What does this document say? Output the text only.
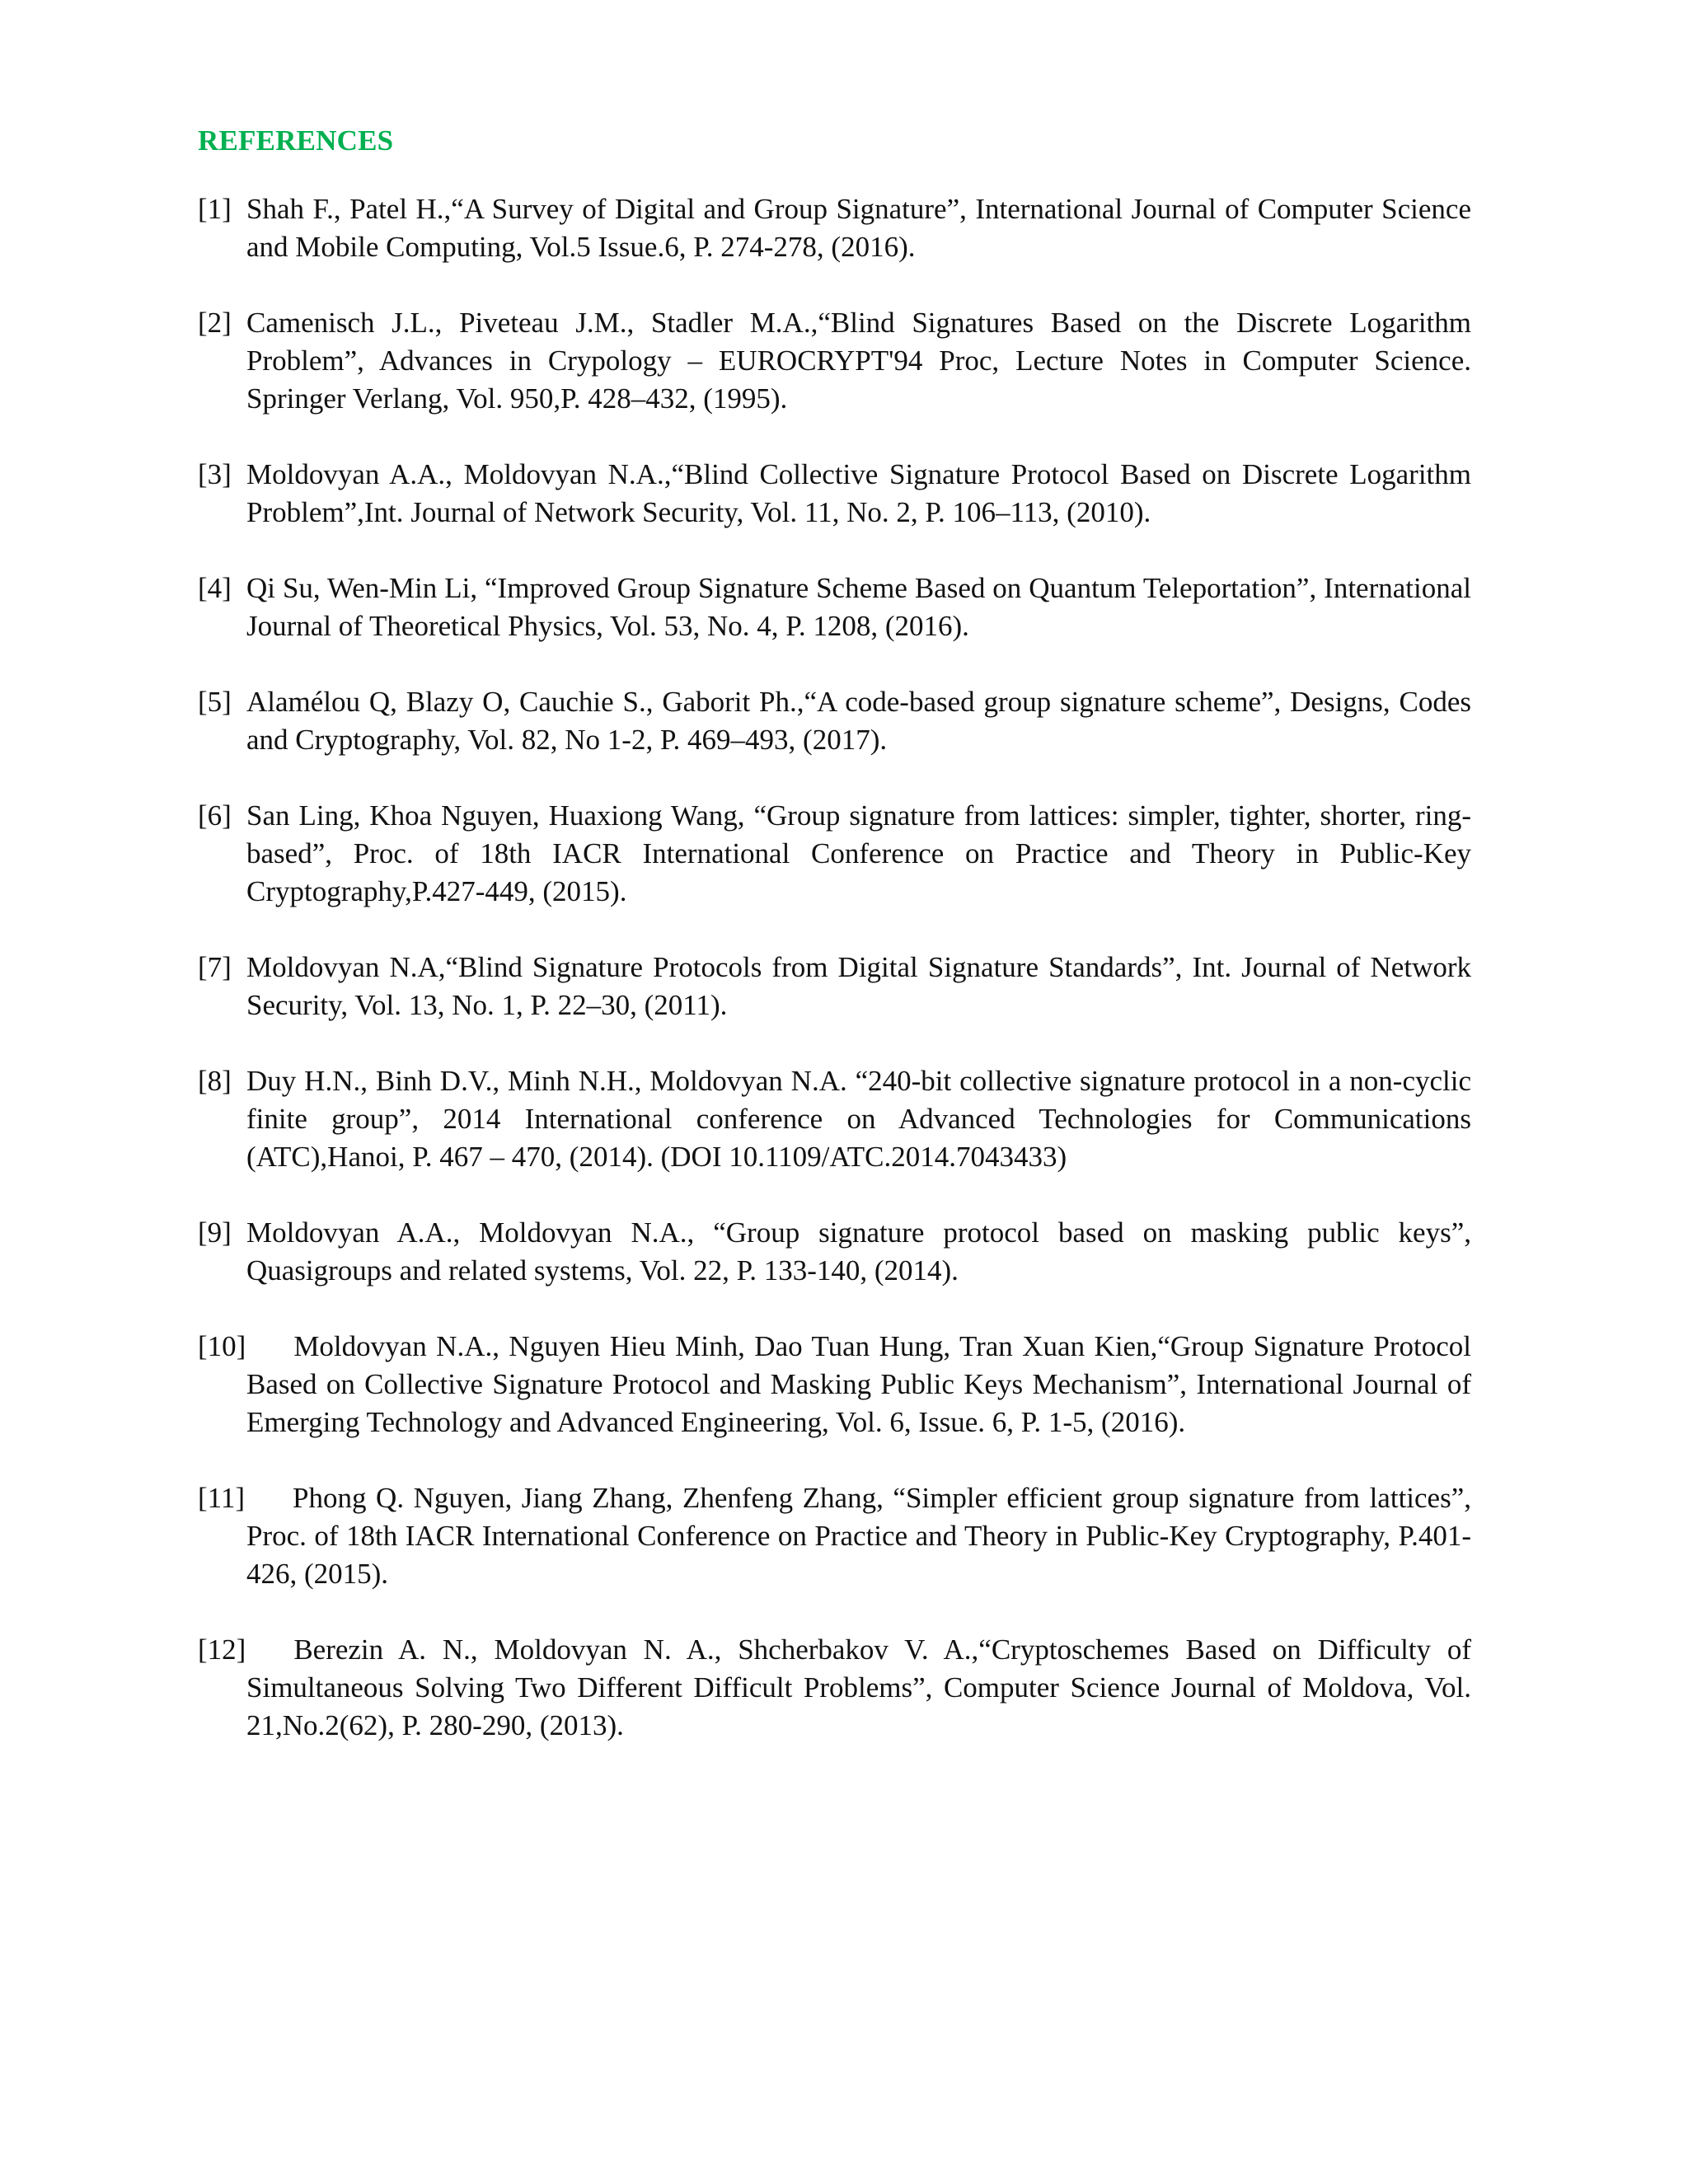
REFERENCES
[1] Shah F., Patel H.,“A Survey of Digital and Group Signature”, International Journal of Computer Science and Mobile Computing, Vol.5 Issue.6, P. 274-278, (2016).
[2] Camenisch J.L., Piveteau J.M., Stadler M.A.,“Blind Signatures Based on the Discrete Logarithm Problem”, Advances in Crypology – EUROCRYPT'94 Proc, Lecture Notes in Computer Science. Springer Verlang, Vol. 950,P. 428–432, (1995).
[3] Moldovyan A.A., Moldovyan N.A.,“Blind Collective Signature Protocol Based on Discrete Logarithm Problem”,Int. Journal of Network Security, Vol. 11, No. 2, P. 106–113, (2010).
[4] Qi Su, Wen-Min Li, “Improved Group Signature Scheme Based on Quantum Teleportation”, International Journal of Theoretical Physics, Vol. 53, No. 4, P. 1208, (2016).
[5] Alamélou Q, Blazy O, Cauchie S., Gaborit Ph.,“A code-based group signature scheme”, Designs, Codes and Cryptography, Vol. 82, No 1-2, P. 469–493, (2017).
[6] San Ling, Khoa Nguyen, Huaxiong Wang, “Group signature from lattices: simpler, tighter, shorter, ring-based”, Proc. of 18th IACR International Conference on Practice and Theory in Public-Key Cryptography,P.427-449, (2015).
[7] Moldovyan N.A,“Blind Signature Protocols from Digital Signature Standards”, Int. Journal of Network Security, Vol. 13, No. 1, P. 22–30, (2011).
[8] Duy H.N., Binh D.V., Minh N.H., Moldovyan N.A. “240-bit collective signature protocol in a non-cyclic finite group”, 2014 International conference on Advanced Technologies for Communications (ATC),Hanoi, P. 467 – 470, (2014). (DOI 10.1109/ATC.2014.7043433)
[9] Moldovyan A.A., Moldovyan N.A., “Group signature protocol based on masking public keys”, Quasigroups and related systems, Vol. 22, P. 133-140, (2014).
[10] Moldovyan N.A., Nguyen Hieu Minh, Dao Tuan Hung, Tran Xuan Kien,“Group Signature Protocol Based on Collective Signature Protocol and Masking Public Keys Mechanism”, International Journal of Emerging Technology and Advanced Engineering, Vol. 6, Issue. 6, P. 1-5, (2016).
[11] Phong Q. Nguyen, Jiang Zhang, Zhenfeng Zhang, “Simpler efficient group signature from lattices”, Proc. of 18th IACR International Conference on Practice and Theory in Public-Key Cryptography, P.401-426, (2015).
[12] Berezin A. N., Moldovyan N. A., Shcherbakov V. A.,“Cryptoschemes Based on Difficulty of Simultaneous Solving Two Different Difficult Problems”, Computer Science Journal of Moldova, Vol. 21,No.2(62), P. 280-290, (2013).
